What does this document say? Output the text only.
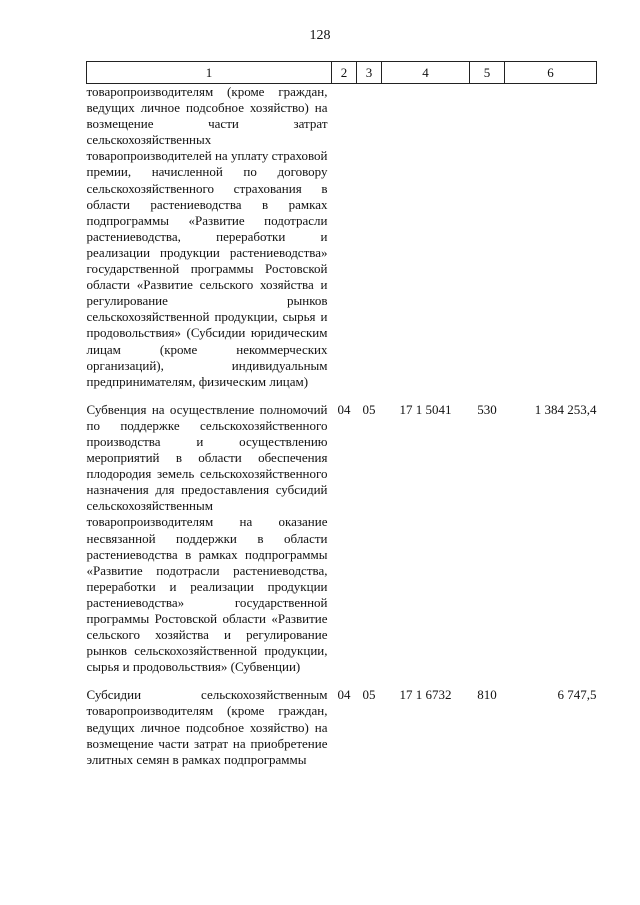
128
1	2	3	4	5	6
товаропроизводителям (кроме граждан, ведущих личное подсобное хозяйство) на возмещение части затрат сельскохозяйственных товаропроизводителей на уплату страховой премии, начисленной по договору сельскохозяйственного страхования в области растениеводства в рамках подпрограммы «Развитие подотрасли растениеводства, переработки и реализации продукции растениеводства» государственной программы Ростовской области «Развитие сельского хозяйства и регулирование рынков сельскохозяйственной продукции, сырья и продовольствия» (Субсидии юридическим лицам (кроме некоммерческих организаций), индивидуальным предпринимателям, физическим лицам)					

Субвенция на осуществление полномочий по поддержке сельскохозяйственного производства и осуществлению мероприятий в области обеспечения плодородия земель сельскохозяйственного назначения для предоставления субсидий сельскохозяйственным товаропроизводителям на оказание несвязанной поддержки в области растениеводства в рамках подпрограммы «Развитие подотрасли растениеводства, переработки и реализации продукции растениеводства» государственной программы Ростовской области «Развитие сельского хозяйства и регулирование рынков сельскохозяйственной продукции, сырья и продовольствия» (Субвенции)	04	05	17 1 5041	530	1 384 253,4

Субсидии сельскохозяйственным товаропроизводителям (кроме граждан, ведущих личное подсобное хозяйство) на возмещение части затрат на приобретение элитных семян в рамках подпрограммы	04	05	17 1 6732	810	6 747,5
